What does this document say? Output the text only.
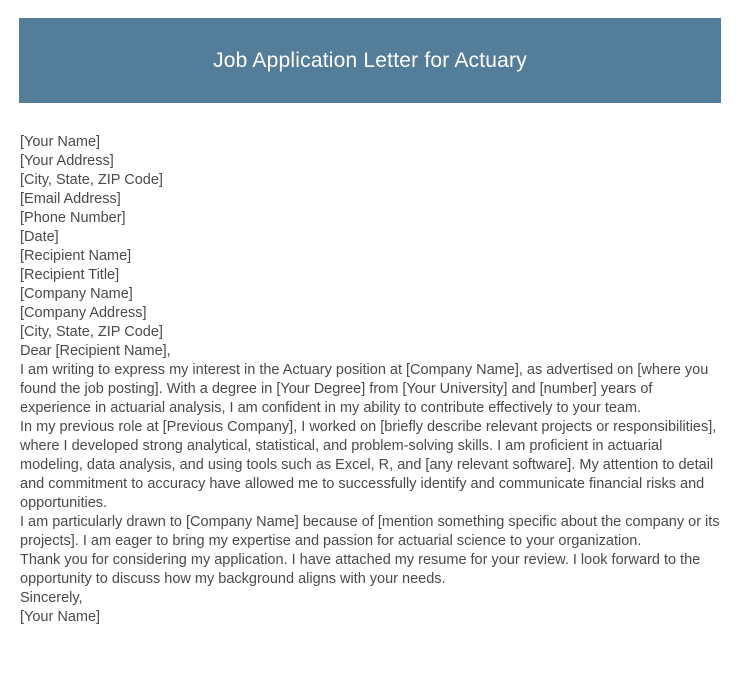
Job Application Letter for Actuary
[Your Name]
[Your Address]
[City, State, ZIP Code]
[Email Address]
[Phone Number]
[Date]
[Recipient Name]
[Recipient Title]
[Company Name]
[Company Address]
[City, State, ZIP Code]
Dear [Recipient Name],

I am writing to express my interest in the Actuary position at [Company Name], as advertised on [where you found the job posting]. With a degree in [Your Degree] from [Your University] and [number] years of experience in actuarial analysis, I am confident in my ability to contribute effectively to your team.

In my previous role at [Previous Company], I worked on [briefly describe relevant projects or responsibilities], where I developed strong analytical, statistical, and problem-solving skills. I am proficient in actuarial modeling, data analysis, and using tools such as Excel, R, and [any relevant software]. My attention to detail and commitment to accuracy have allowed me to successfully identify and communicate financial risks and opportunities.

I am particularly drawn to [Company Name] because of [mention something specific about the company or its projects]. I am eager to bring my expertise and passion for actuarial science to your organization.

Thank you for considering my application. I have attached my resume for your review. I look forward to the opportunity to discuss how my background aligns with your needs.

Sincerely,
[Your Name]
